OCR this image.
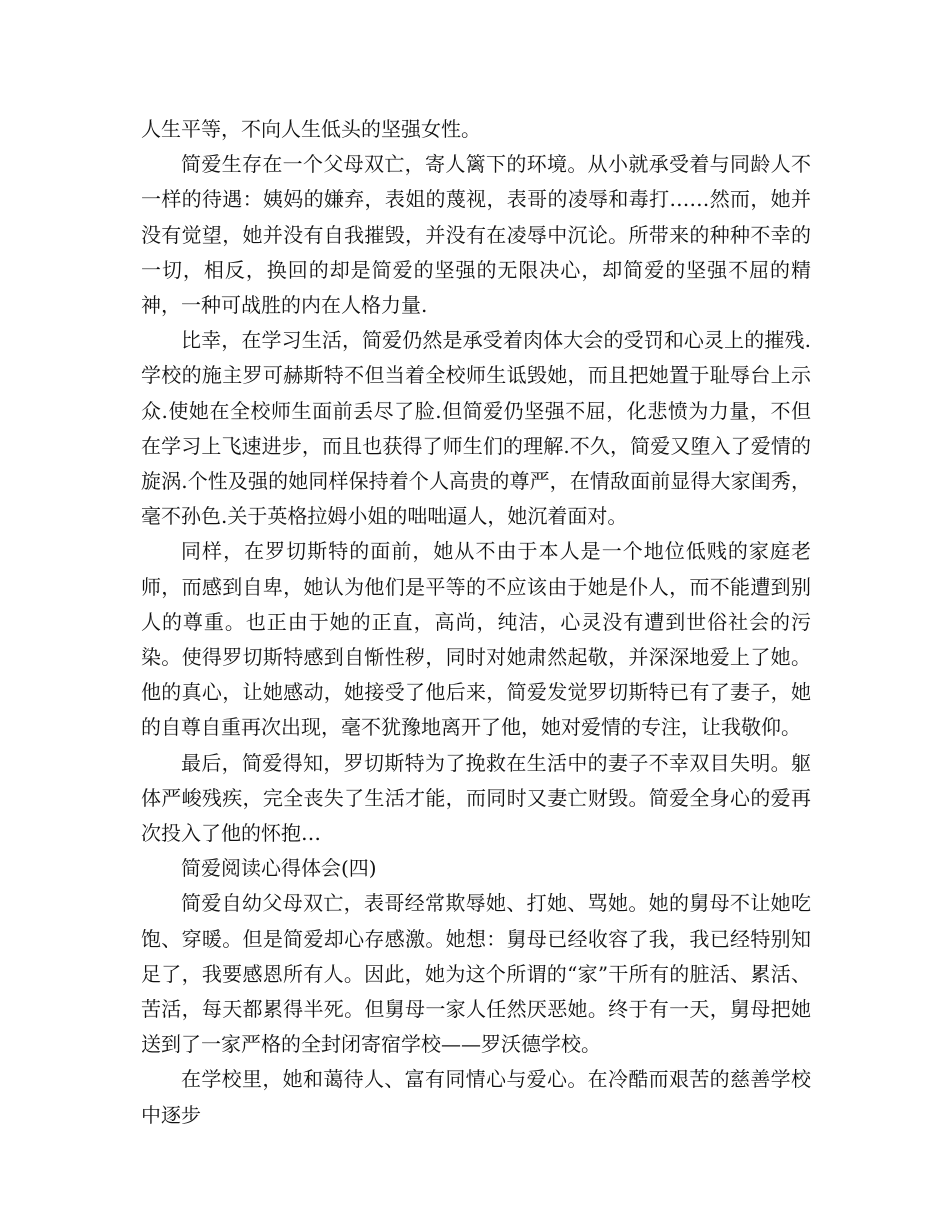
人生平等，不向人生低头的坚强女性。

简爱生存在一个父母双亡，寄人篱下的环境。从小就承受着与同龄人不一样的待遇：姨妈的嫌弃，表姐的蔑视，表哥的凌辱和毒打……然而，她并没有觉望，她并没有自我摧毁，并没有在凌辱中沉论。所带来的种种不幸的一切，相反，换回的却是简爱的坚强的无限决心，却简爱的坚强不屈的精神，一种可战胜的内在人格力量.

比幸，在学习生活，简爱仍然是承受着肉体大会的受罚和心灵上的摧残.学校的施主罗可赫斯特不但当着全校师生诋毁她，而且把她置于耻辱台上示众.使她在全校师生面前丢尽了脸.但简爱仍坚强不屈，化悲愤为力量，不但在学习上飞速进步，而且也获得了师生们的理解.不久，简爱又堕入了爱情的旋涡.个性及强的她同样保持着个人高贵的尊严，在情敌面前显得大家闺秀，毫不孙色.关于英格拉姆小姐的咄咄逼人，她沉着面对。

同样，在罗切斯特的面前，她从不由于本人是一个地位低贱的家庭老师，而感到自卑，她认为他们是平等的不应该由于她是仆人，而不能遭到别人的尊重。也正由于她的正直，高尚，纯洁，心灵没有遭到世俗社会的污染。使得罗切斯特感到自惭性秽，同时对她肃然起敬，并深深地爱上了她。他的真心，让她感动，她接受了他后来，简爱发觉罗切斯特已有了妻子，她的自尊自重再次出现，毫不犹豫地离开了他，她对爱情的专注，让我敬仰。

最后，简爱得知，罗切斯特为了挽救在生活中的妻子不幸双目失明。躯体严峻残疾，完全丧失了生活才能，而同时又妻亡财毁。简爱全身心的爱再次投入了他的怀抱…

简爱阅读心得体会(四)

简爱自幼父母双亡，表哥经常欺辱她、打她、骂她。她的舅母不让她吃饱、穿暖。但是简爱却心存感激。她想：舅母已经收容了我，我已经特别知足了，我要感恩所有人。因此，她为这个所谓的“家”干所有的脏活、累活、苦活，每天都累得半死。但舅母一家人任然厌恶她。终于有一天，舅母把她送到了一家严格的全封闭寄宿学校——罗沃德学校。

在学校里，她和蔼待人、富有同情心与爱心。在冷酷而艰苦的慈善学校中逐步
